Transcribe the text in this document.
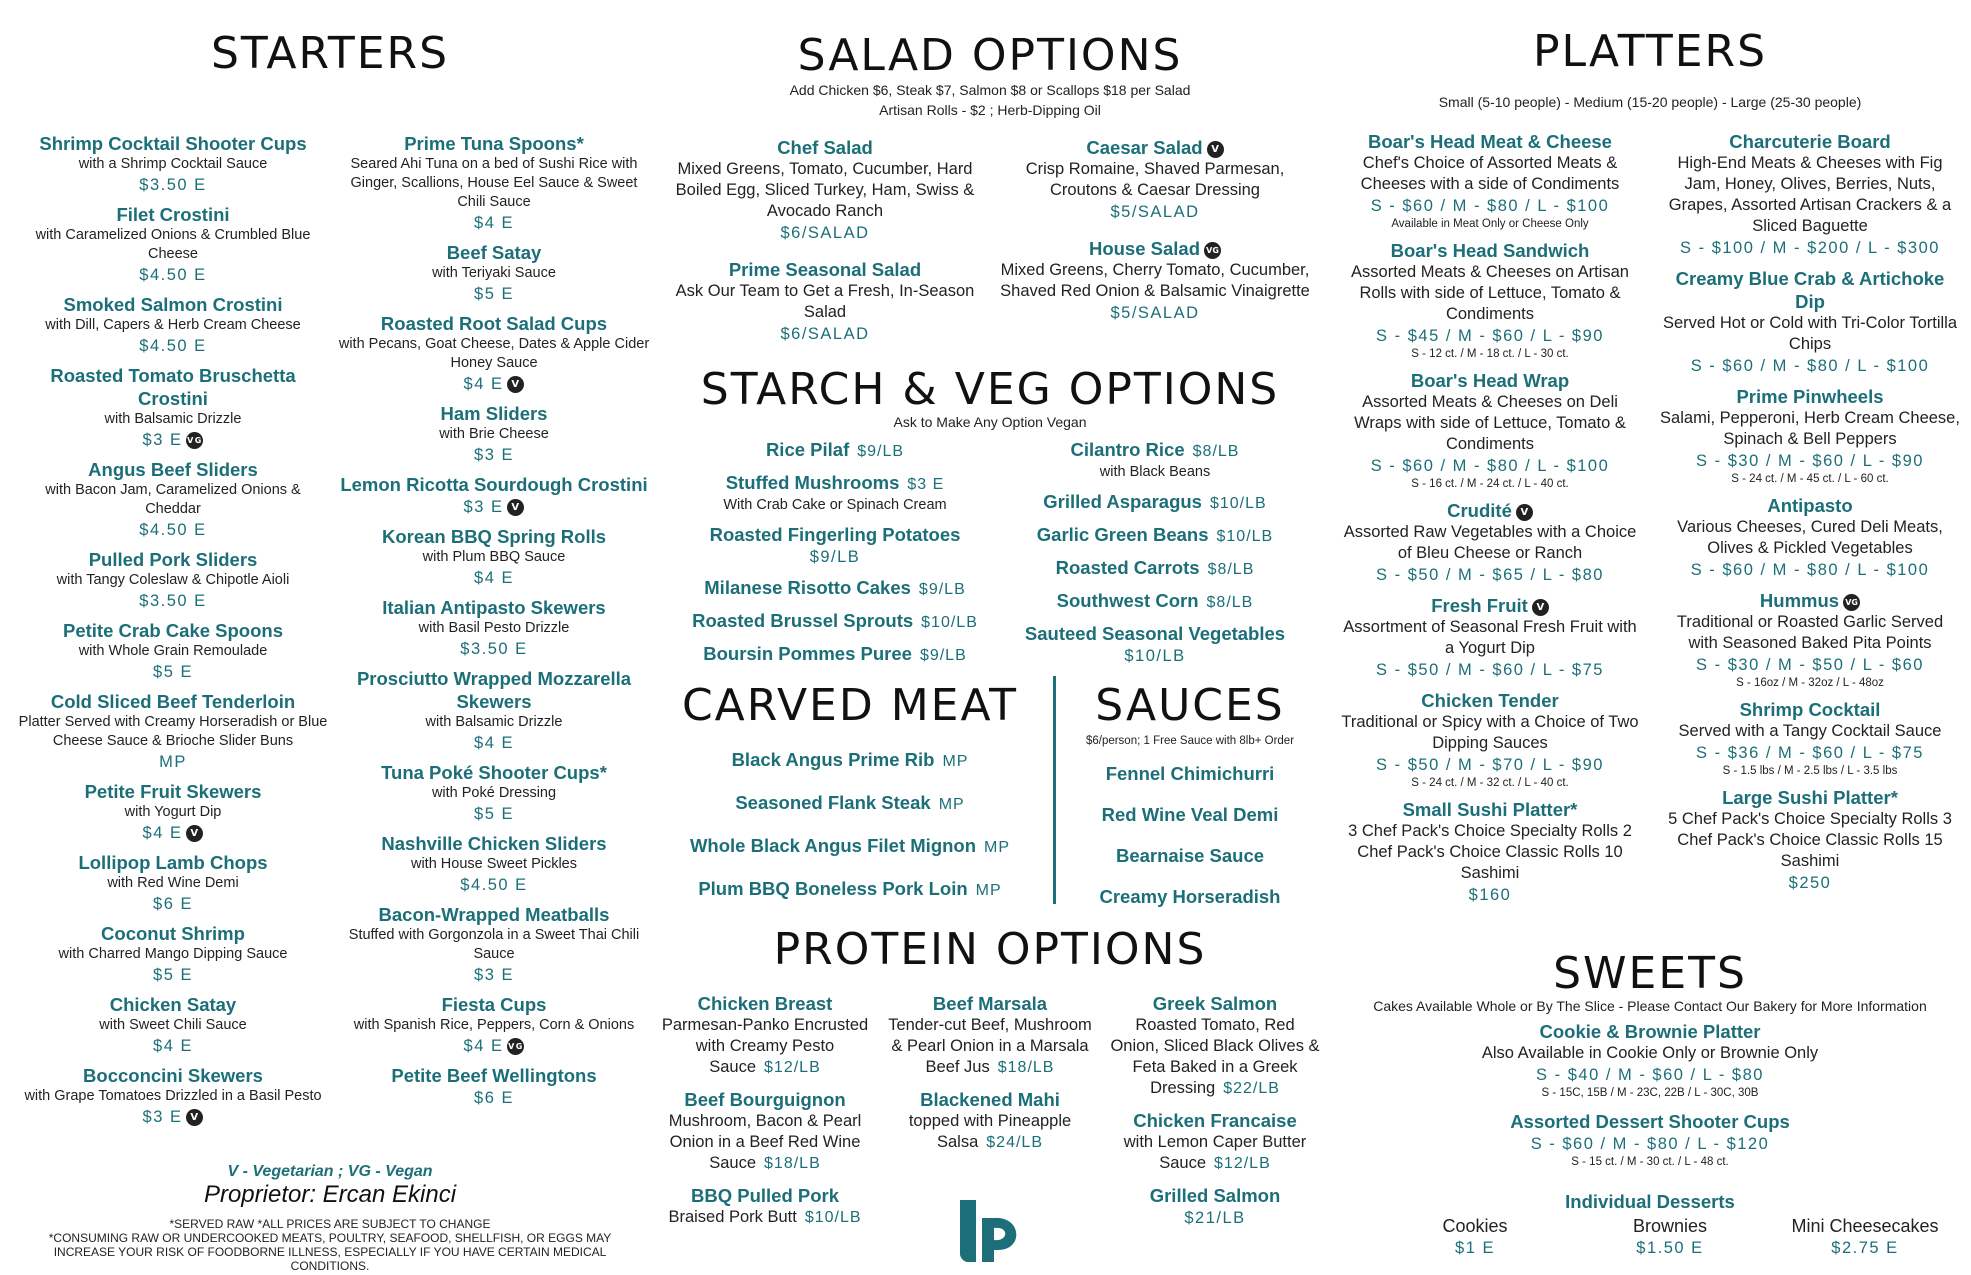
STARTERS
Shrimp Cocktail Shooter Cups
with a Shrimp Cocktail Sauce
$3.50 E
Filet Crostini
with Caramelized Onions & Crumbled Blue Cheese
$4.50 E
Smoked Salmon Crostini
with Dill, Capers & Herb Cream Cheese
$4.50 E
Roasted Tomato Bruschetta Crostini
with Balsamic Drizzle
$3 E VG
Angus Beef Sliders
with Bacon Jam, Caramelized Onions & Cheddar
$4.50 E
Pulled Pork Sliders
with Tangy Coleslaw & Chipotle Aioli
$3.50 E
Petite Crab Cake Spoons
with Whole Grain Remoulade
$5 E
Cold Sliced Beef Tenderloin
Platter Served with Creamy Horseradish or Blue Cheese Sauce & Brioche Slider Buns
MP
Petite Fruit Skewers
with Yogurt Dip
$4 E V
Lollipop Lamb Chops
with Red Wine Demi
$6 E
Coconut Shrimp
with Charred Mango Dipping Sauce
$5 E
Chicken Satay
with Sweet Chili Sauce
$4 E
Bocconcini Skewers
with Grape Tomatoes Drizzled in a Basil Pesto
$3 E V
Prime Tuna Spoons*
Seared Ahi Tuna on a bed of Sushi Rice with Ginger, Scallions, House Eel Sauce & Sweet Chili Sauce
$4 E
Beef Satay
with Teriyaki Sauce
$5 E
Roasted Root Salad Cups
with Pecans, Goat Cheese, Dates & Apple Cider Honey Sauce
$4 E V
Ham Sliders
with Brie Cheese
$3 E
Lemon Ricotta Sourdough Crostini
$3 E V
Korean BBQ Spring Rolls
with Plum BBQ Sauce
$4 E
Italian Antipasto Skewers
with Basil Pesto Drizzle
$3.50 E
Prosciutto Wrapped Mozzarella Skewers
with Balsamic Drizzle
$4 E
Tuna Poké Shooter Cups*
with Poké Dressing
$5 E
Nashville Chicken Sliders
with House Sweet Pickles
$4.50 E
Bacon-Wrapped Meatballs
Stuffed with Gorgonzola in a Sweet Thai Chili Sauce
$3 E
Fiesta Cups
with Spanish Rice, Peppers, Corn & Onions
$4 E VG
Petite Beef Wellingtons
$6 E
V - Vegetarian ; VG - Vegan
Proprietor: Ercan Ekinci
*SERVED RAW *ALL PRICES ARE SUBJECT TO CHANGE
*CONSUMING RAW OR UNDERCOOKED MEATS, POULTRY, SEAFOOD, SHELLFISH, OR EGGS MAY INCREASE YOUR RISK OF FOODBORNE ILLNESS, ESPECIALLY IF YOU HAVE CERTAIN MEDICAL CONDITIONS.
SALAD OPTIONS
Add Chicken $6, Steak $7, Salmon $8 or Scallops $18 per Salad
Artisan Rolls - $2 ; Herb-Dipping Oil
Chef Salad
Mixed Greens, Tomato, Cucumber, Hard Boiled Egg, Sliced Turkey, Ham, Swiss & Avocado Ranch
$6/SALAD
Prime Seasonal Salad
Ask Our Team to Get a Fresh, In-Season Salad
$6/SALAD
Caesar Salad V
Crisp Romaine, Shaved Parmesan, Croutons & Caesar Dressing
$5/SALAD
House Salad VG
Mixed Greens, Cherry Tomato, Cucumber, Shaved Red Onion & Balsamic Vinaigrette
$5/SALAD
STARCH & VEG OPTIONS
Ask to Make Any Option Vegan
Rice Pilaf $9/LB
Stuffed Mushrooms $3 E
With Crab Cake or Spinach Cream
Roasted Fingerling Potatoes
$9/LB
Milanese Risotto Cakes $9/LB
Roasted Brussel Sprouts $10/LB
Boursin Pommes Puree $9/LB
Cilantro Rice $8/LB
with Black Beans
Grilled Asparagus $10/LB
Garlic Green Beans $10/LB
Roasted Carrots $8/LB
Southwest Corn $8/LB
Sauteed Seasonal Vegetables
$10/LB
CARVED MEAT
Black Angus Prime Rib MP
Seasoned Flank Steak MP
Whole Black Angus Filet Mignon MP
Plum BBQ Boneless Pork Loin MP
SAUCES
$6/person; 1 Free Sauce with 8lb+ Order
Fennel Chimichurri
Red Wine Veal Demi
Bearnaise Sauce
Creamy Horseradish
PROTEIN OPTIONS
Chicken Breast
Parmesan-Panko Encrusted with Creamy Pesto Sauce $12/LB
Beef Bourguignon
Mushroom, Bacon & Pearl Onion in a Beef Red Wine Sauce $18/LB
BBQ Pulled Pork
Braised Pork Butt $10/LB
Beef Marsala
Tender-cut Beef, Mushroom & Pearl Onion in a Marsala Beef Jus $18/LB
Blackened Mahi
topped with Pineapple Salsa $24/LB
Greek Salmon
Roasted Tomato, Red Onion, Sliced Black Olives & Feta Baked in a Greek Dressing $22/LB
Chicken Francaise
with Lemon Caper Butter Sauce $12/LB
Grilled Salmon
$21/LB
PLATTERS
Small (5-10 people) - Medium (15-20 people) - Large (25-30 people)
Boar's Head Meat & Cheese
Chef's Choice of Assorted Meats & Cheeses with a side of Condiments
S - $60 / M - $80 / L - $100
Available in Meat Only or Cheese Only
Boar's Head Sandwich
Assorted Meats & Cheeses on Artisan Rolls with side of Lettuce, Tomato & Condiments
S - $45 / M - $60 / L - $90
S - 12 ct. / M - 18 ct. / L - 30 ct.
Boar's Head Wrap
Assorted Meats & Cheeses on Deli Wraps with side of Lettuce, Tomato & Condiments
S - $60 / M - $80 / L - $100
S - 16 ct. / M - 24 ct. / L - 40 ct.
Crudité V
Assorted Raw Vegetables with a Choice of Bleu Cheese or Ranch
S - $50 / M - $65 / L - $80
Fresh Fruit V
Assortment of Seasonal Fresh Fruit with a Yogurt Dip
S - $50 / M - $60 / L - $75
Chicken Tender
Traditional or Spicy with a Choice of Two Dipping Sauces
S - $50 / M - $70 / L - $90
S - 24 ct. / M - 32 ct. / L - 40 ct.
Small Sushi Platter*
3 Chef Pack's Choice Specialty Rolls 2 Chef Pack's Choice Classic Rolls 10 Sashimi
$160
Charcuterie Board
High-End Meats & Cheeses with Fig Jam, Honey, Olives, Berries, Nuts, Grapes, Assorted Artisan Crackers & a Sliced Baguette
S - $100 / M - $200 / L - $300
Creamy Blue Crab & Artichoke Dip
Served Hot or Cold with Tri-Color Tortilla Chips
S - $60 / M - $80 / L - $100
Prime Pinwheels
Salami, Pepperoni, Herb Cream Cheese, Spinach & Bell Peppers
S - $30 / M - $60 / L - $90
S - 24 ct. / M - 45 ct. / L - 60 ct.
Antipasto
Various Cheeses, Cured Deli Meats, Olives & Pickled Vegetables
S - $60 / M - $80 / L - $100
Hummus VG
Traditional or Roasted Garlic Served with Seasoned Baked Pita Points
S - $30 / M - $50 / L - $60
S - 16oz / M - 32oz / L - 48oz
Shrimp Cocktail
Served with a Tangy Cocktail Sauce
S - $36 / M - $60 / L - $75
S - 1.5 lbs / M - 2.5 lbs / L - 3.5 lbs
Large Sushi Platter*
5 Chef Pack's Choice Specialty Rolls 3 Chef Pack's Choice Classic Rolls 15 Sashimi
$250
SWEETS
Cakes Available Whole or By The Slice - Please Contact Our Bakery for More Information
Cookie & Brownie Platter
Also Available in Cookie Only or Brownie Only
S - $40 / M - $60 / L - $80
S - 15C, 15B / M - 23C, 22B / L - 30C, 30B
Assorted Dessert Shooter Cups
S - $60 / M - $80 / L - $120
S - 15 ct. / M - 30 ct. / L - 48 ct.
Individual Desserts
Cookies
$1 E
Brownies
$1.50 E
Mini Cheesecakes
$2.75 E
